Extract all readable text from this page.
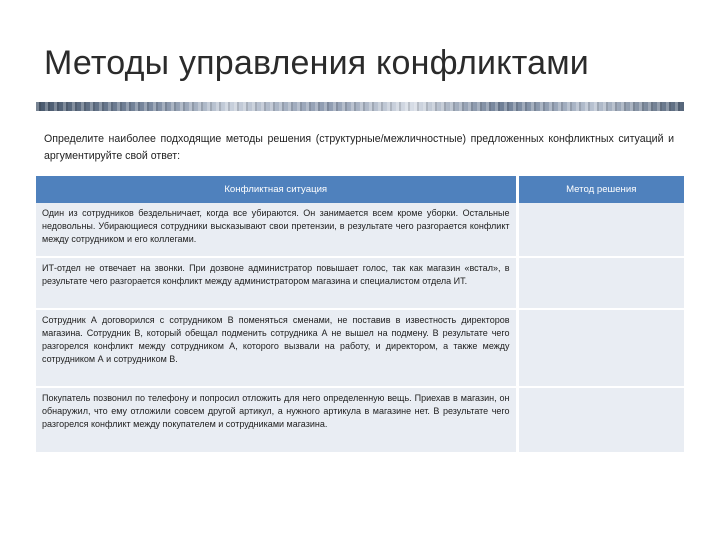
Методы управления конфликтами
Определите наиболее подходящие методы решения (структурные/межличностные) предложенных конфликтных ситуаций и аргументируйте свой ответ:
Конфликтная ситуация	Метод решения
Один из сотрудников бездельничает, когда все убираются. Он занимается всем кроме уборки. Остальные недовольны. Убирающиеся сотрудники высказывают свои претензии, в результате чего разгорается конфликт между сотрудником и его коллегами.	
ИТ-отдел не отвечает на звонки. При дозвоне администратор повышает голос, так как магазин «встал», в результате чего разгорается конфликт между администратором магазина и специалистом отдела ИТ.	
Сотрудник А договорился с сотрудником В поменяться сменами, не поставив в известность директоров магазина. Сотрудник В, который обещал подменить сотрудника А не вышел на подмену. В результате чего разгорелся конфликт между сотрудником А, которого вызвали на работу, и директором, а также между сотрудником А и сотрудником В.	
Покупатель позвонил по телефону и попросил отложить для него определенную вещь. Приехав в магазин, он обнаружил, что ему отложили совсем другой артикул, а нужного артикула в магазине нет. В результате чего разгорелся конфликт между покупателем и сотрудниками магазина.	
